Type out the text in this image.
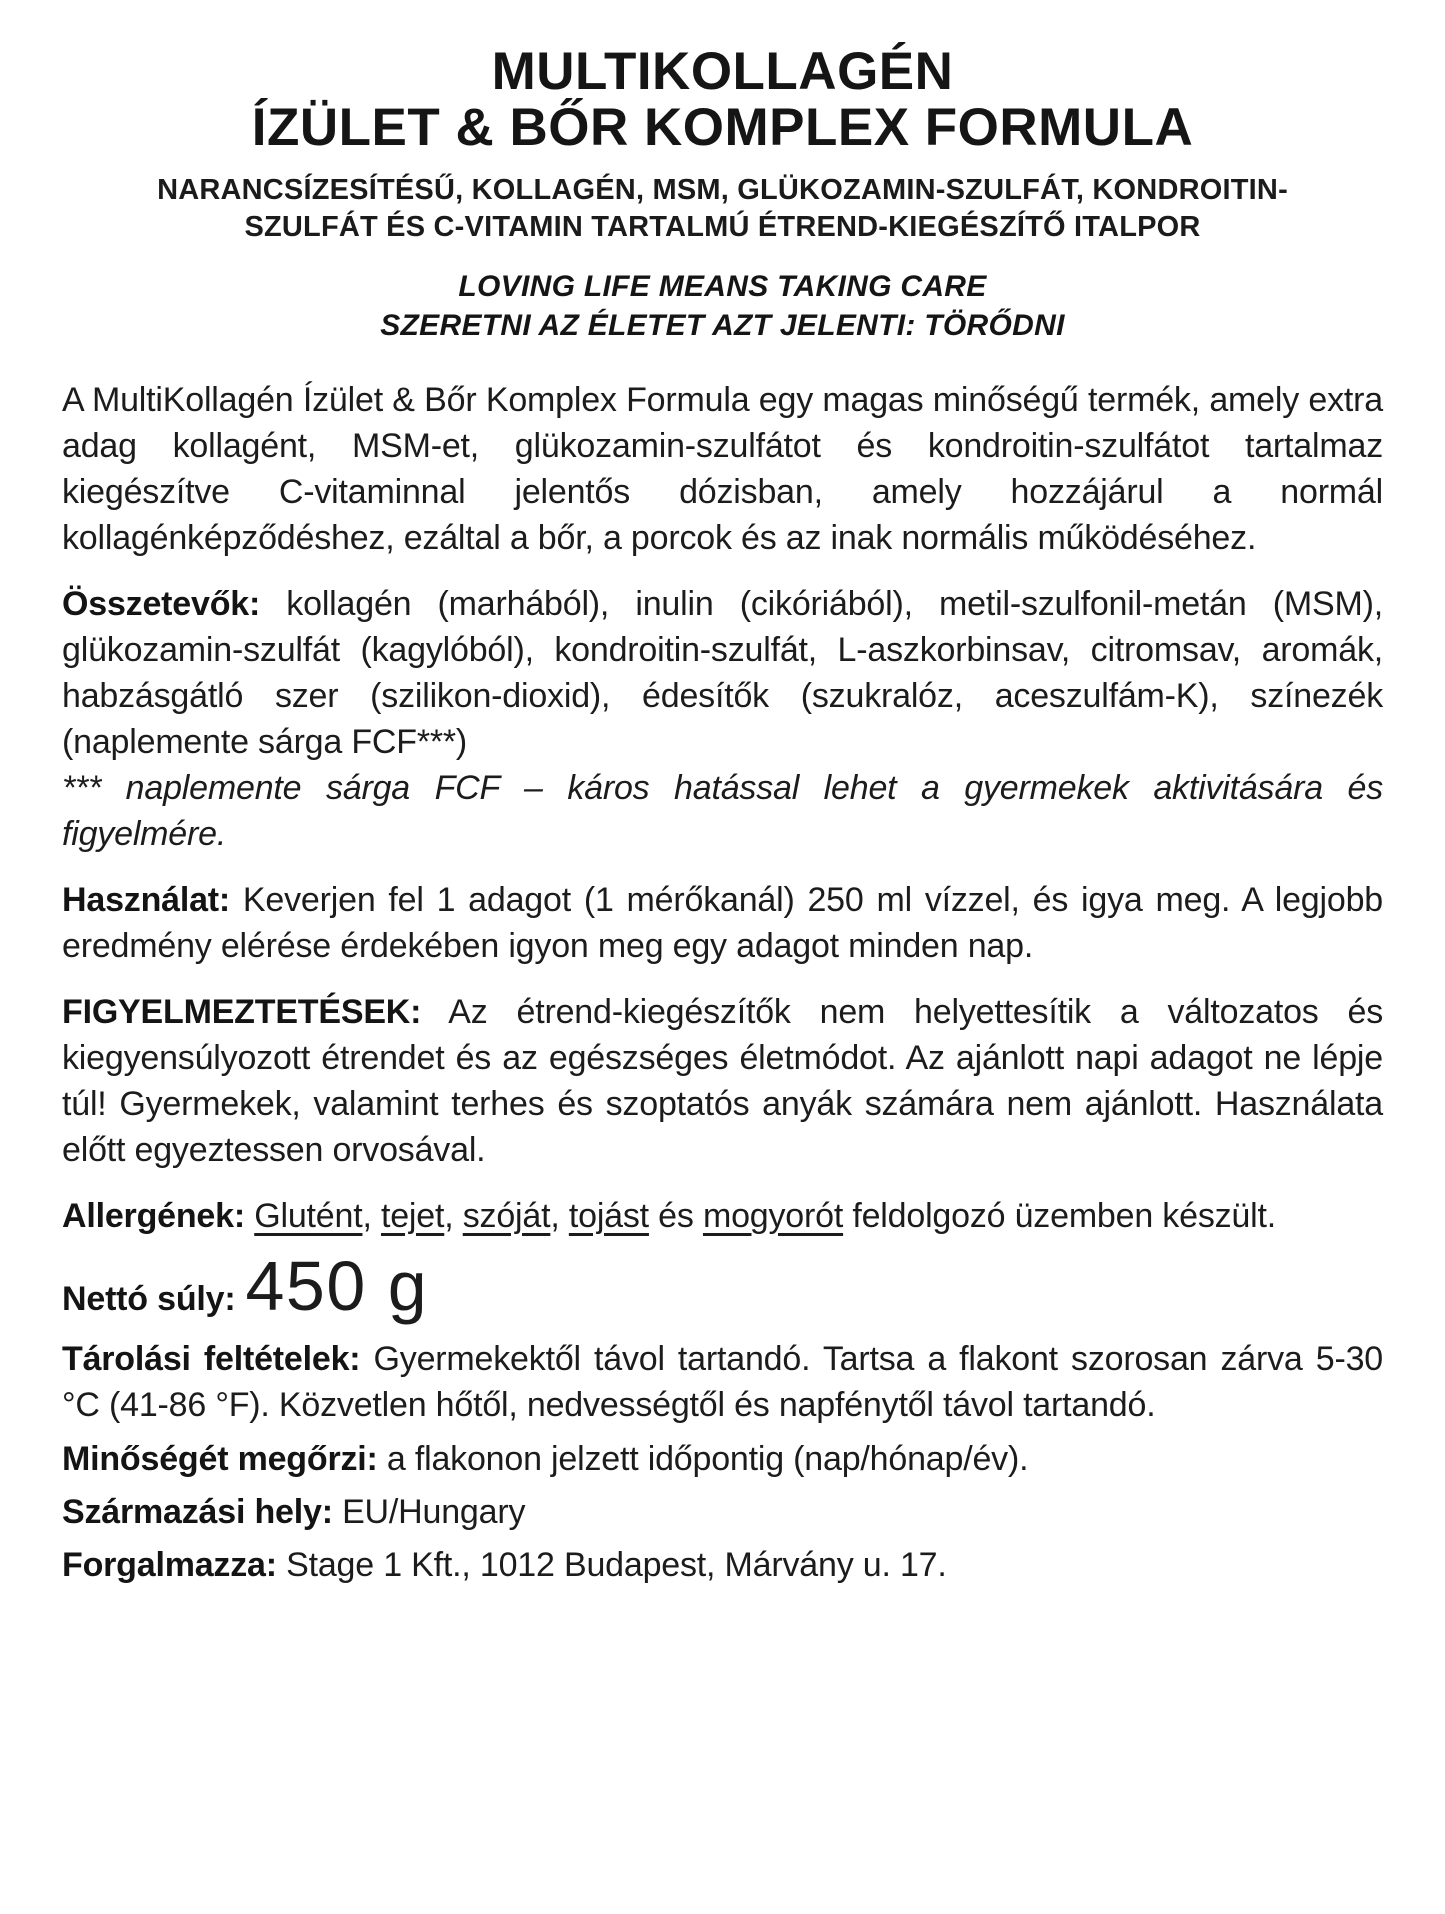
MULTIKOLLAGÉN
ÍZÜLET & BŐR KOMPLEX FORMULA

NARANCSÍZESÍTÉSŰ, KOLLAGÉN, MSM, GLÜKOZAMIN-SZULFÁT, KONDROITIN-
SZULFÁT ÉS C-VITAMIN TARTALMÚ ÉTREND-KIEGÉSZÍTŐ ITALPOR

LOVING LIFE MEANS TAKING CARE
SZERETNI AZ ÉLETET AZT JELENTI: TÖRŐDNI

A MultiKollagén Ízület & Bőr Komplex Formula egy magas minőségű termék, amely extra adag kollagént, MSM-et, glükozamin-szulfátot és kondroitin-szulfátot tartalmaz kiegészítve C-vitaminnal jelentős dózisban, amely hozzájárul a normál kollagénképződéshez, ezáltal a bőr, a porcok és az inak normális működéséhez.

Összetevők: kollagén (marhából), inulin (cikóriából), metil-szulfonil-metán (MSM), glükozamin-szulfát (kagylóból), kondroitin-szulfát, L-aszkorbinsav, citromsav, aromák, habzásgátló szer (szilikon-dioxid), édesítők (szukralóz, aceszulfám-K), színezék (naplemente sárga FCF***)
*** naplemente sárga FCF – káros hatással lehet a gyermekek aktivitására és figyelmére.

Használat: Keverjen fel 1 adagot (1 mérőkanál) 250 ml vízzel, és igya meg. A legjobb eredmény elérése érdekében igyon meg egy adagot minden nap.

FIGYELMEZTETÉSEK: Az étrend-kiegészítők nem helyettesítik a változatos és kiegyensúlyozott étrendet és az egészséges életmódot. Az ajánlott napi adagot ne lépje túl! Gyermekek, valamint terhes és szoptatós anyák számára nem ajánlott. Használata előtt egyeztessen orvosával.

Allergének: Glutént, tejet, szóját, tojást és mogyorót feldolgozó üzemben készült.

Nettó súly: 450 g

Tárolási feltételek: Gyermekektől távol tartandó. Tartsa a flakont szorosan zárva 5-30 °C (41-86 °F). Közvetlen hőtől, nedvességtől és napfénytől távol tartandó.

Minőségét megőrzi: a flakonon jelzett időpontig (nap/hónap/év).

Származási hely: EU/Hungary

Forgalmazza: Stage 1 Kft., 1012 Budapest, Márvány u. 17.
